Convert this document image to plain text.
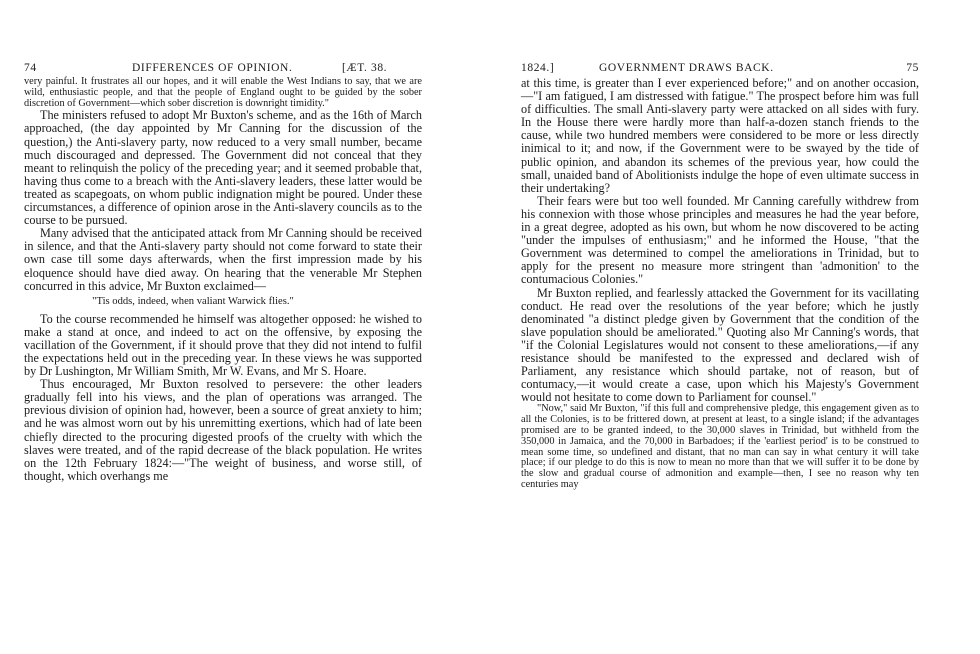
74	DIFFERENCES OF OPINION.	[ÆT. 38.

very painful. It frustrates all our hopes, and it will enable the West Indians to say, that we are wild, enthusiastic people, and that the people of England ought to be guided by the sober discretion of Government—which sober discretion is downright timidity."

The ministers refused to adopt Mr Buxton's scheme, and as the 16th of March approached, (the day appointed by Mr Canning for the discussion of the question,) the Anti-slavery party, now reduced to a very small number, became much discouraged and depressed. The Government did not conceal that they meant to relinquish the policy of the preceding year; and it seemed probable that, having thus come to a breach with the Anti-slavery leaders, these latter would be treated as scapegoats, on whom public indignation might be poured. Under these circumstances, a difference of opinion arose in the Anti-slavery councils as to the course to be pursued.

Many advised that the anticipated attack from Mr Canning should be received in silence, and that the Anti-slavery party should not come forward to state their own case till some days afterwards, when the first impression made by his eloquence should have died away. On hearing that the venerable Mr Stephen concurred in this advice, Mr Buxton exclaimed—

"Tis odds, indeed, when valiant Warwick flies."

To the course recommended he himself was altogether opposed: he wished to make a stand at once, and indeed to act on the offensive, by exposing the vacillation of the Government, if it should prove that they did not intend to fulfil the expectations held out in the preceding year. In these views he was supported by Dr Lushington, Mr William Smith, Mr W. Evans, and Mr S. Hoare.

Thus encouraged, Mr Buxton resolved to persevere: the other leaders gradually fell into his views, and the plan of operations was arranged. The previous division of opinion had, however, been a source of great anxiety to him; and he was almost worn out by his unremitting exertions, which had of late been chiefly directed to the procuring digested proofs of the cruelty with which the slaves were treated, and of the rapid decrease of the black population. He writes on the 12th February 1824:—"The weight of business, and worse still, of thought, which overhangs me

1824.]	GOVERNMENT DRAWS BACK.	75

at this time, is greater than I ever experienced before;" and on another occasion,—"I am fatigued, I am distressed with fatigue." The prospect before him was full of difficulties. The small Anti-slavery party were attacked on all sides with fury. In the House there were hardly more than half-a-dozen stanch friends to the cause, while two hundred members were considered to be more or less directly inimical to it; and now, if the Government were to be swayed by the tide of public opinion, and abandon its schemes of the previous year, how could the small, unaided band of Abolitionists indulge the hope of even ultimate success in their undertaking?

Their fears were but too well founded. Mr Canning carefully withdrew from his connexion with those whose principles and measures he had the year before, in a great degree, adopted as his own, but whom he now discovered to be acting "under the impulses of enthusiasm;" and he informed the House, "that the Government was determined to compel the ameliorations in Trinidad, but to apply for the present no measure more stringent than 'admonition' to the contumacious Colonies."

Mr Buxton replied, and fearlessly attacked the Government for its vacillating conduct. He read over the resolutions of the year before; which he justly denominated "a distinct pledge given by Government that the condition of the slave population should be ameliorated." Quoting also Mr Canning's words, that "if the Colonial Legislatures would not consent to these ameliorations,—if any resistance should be manifested to the expressed and declared wish of Parliament, any resistance which should partake, not of reason, but of contumacy,—it would create a case, upon which his Majesty's Government would not hesitate to come down to Parliament for counsel."

"Now," said Mr Buxton, "if this full and comprehensive pledge, this engagement given as to all the Colonies, is to be frittered down, at present at least, to a single island; if the advantages promised are to be granted indeed, to the 30,000 slaves in Trinidad, but withheld from the 350,000 in Jamaica, and the 70,000 in Barbadoes; if the 'earliest period' is to be construed to mean some time, so undefined and distant, that no man can say in what century it will take place; if our pledge to do this is now to mean no more than that we will suffer it to be done by the slow and gradual course of admonition and example—then, I see no reason why ten centuries may
